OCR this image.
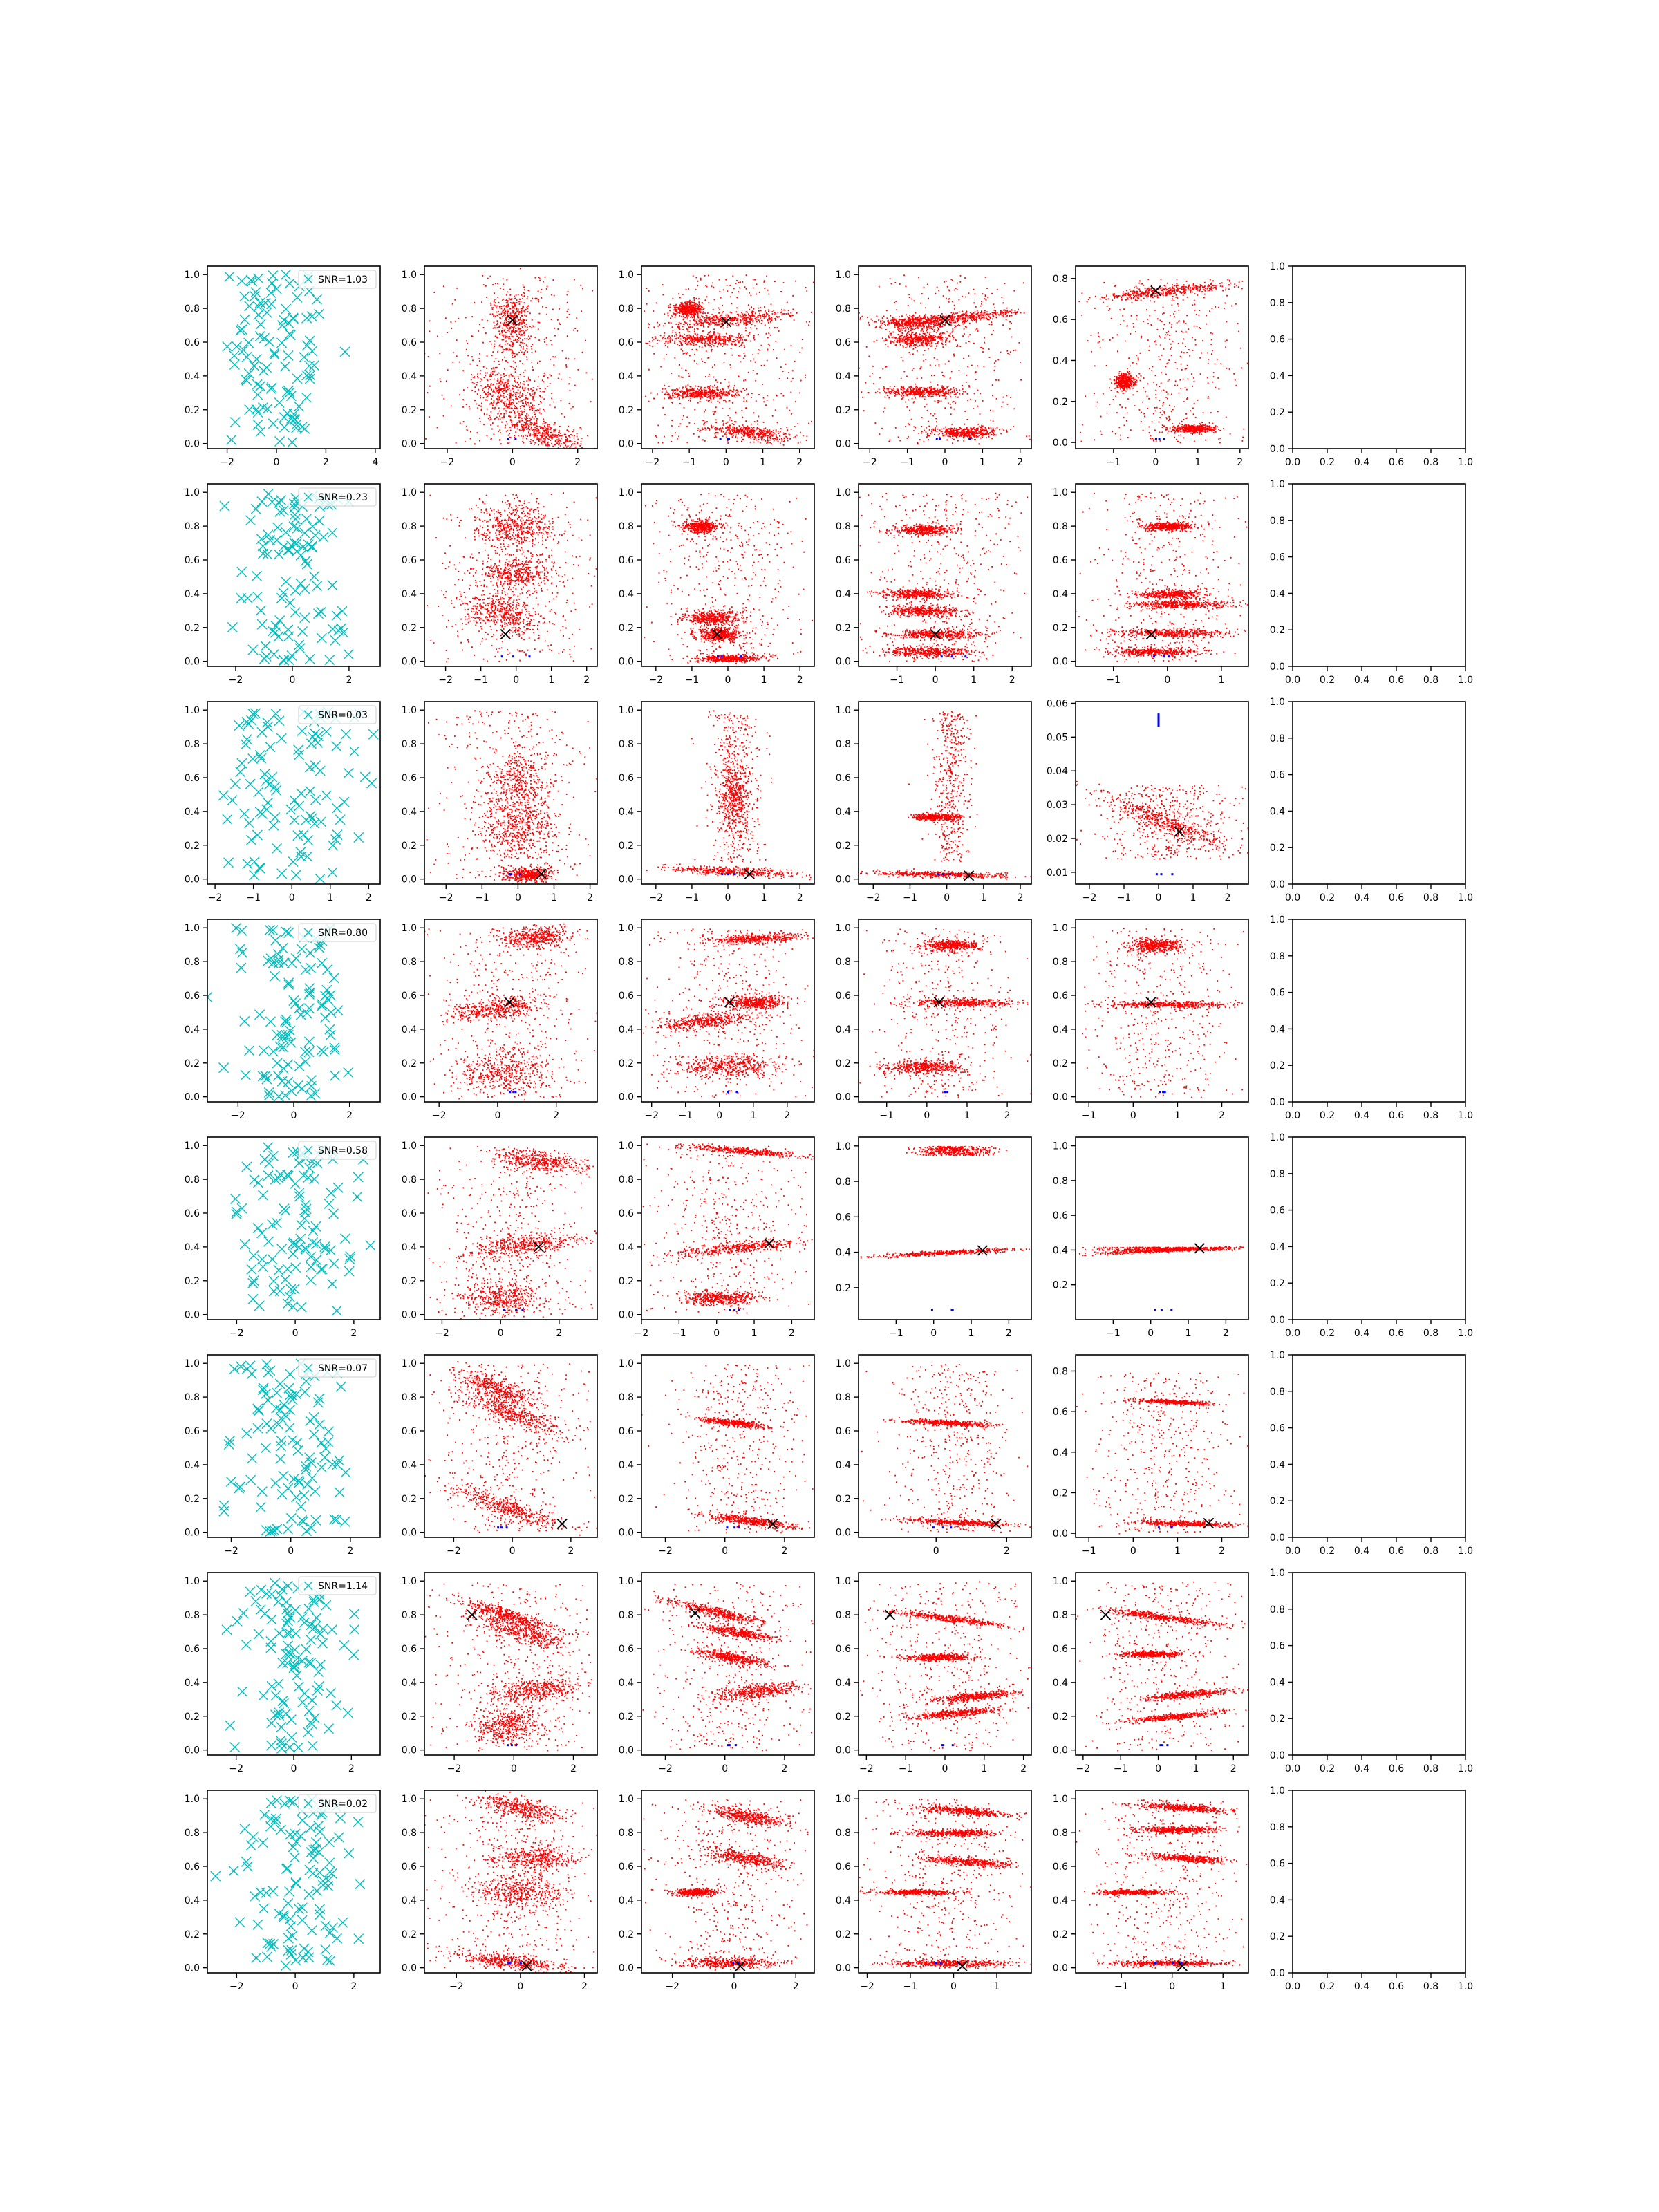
−2	0	2	4
0.0
0.2
0.4
0.6
0.8
1.0	SNR=1.03
−2	0	2
0.0
0.2
0.4
0.6
0.8
1.0
−2 −1	0	1	2
0.0
0.2
0.4
0.6
0.8
1.0
−2 −1	0	1	2
0.0
0.2
0.4
0.6
0.8
1.0
−1	0	1	2
0.0
0.2
0.4
0.6
0.8
0.0 0.2 0.4 0.6 0.8 1.0
0.0
0.2
0.4
0.6
0.8
1.0
−2	0	2
0.0
0.2
0.4
0.6
0.8
1.0	SNR=0.23
−2 −1	0	1	2
0.0
0.2
0.4
0.6
0.8
1.0
−2 −1	0	1	2
0.0
0.2
0.4
0.6
0.8
1.0
−1	0	1	2
0.0
0.2
0.4
0.6
0.8
1.0
−1	0	1
0.0
0.2
0.4
0.6
0.8
1.0
0.0 0.2 0.4 0.6 0.8 1.0
0.0
0.2
0.4
0.6
0.8
1.0
−2 −1	0	1	2
0.0
0.2
0.4
0.6
0.8
1.0	SNR=0.03
−2 −1	0	1	2
0.0
0.2
0.4
0.6
0.8
1.0
−2 −1	0	1	2
0.0
0.2
0.4
0.6
0.8
1.0
−2 −1	0	1	2
0.0
0.2
0.4
0.6
0.8
1.0
−2 −1	0	1	2
0.01
0.02
0.03
0.04
0.05
0.06
0.0 0.2 0.4 0.6 0.8 1.0
0.0
0.2
0.4
0.6
0.8
1.0
−2	0	2
0.0
0.2
0.4
0.6
0.8
1.0	SNR=0.80
−2	0	2
0.0
0.2
0.4
0.6
0.8
1.0
−2 −1 0	1	2
0.0
0.2
0.4
0.6
0.8
1.0
−1	0	1	2
0.0
0.2
0.4
0.6
0.8
1.0
−1	0	1	2
0.0
0.2
0.4
0.6
0.8
1.0
0.0 0.2 0.4 0.6 0.8 1.0
0.0
0.2
0.4
0.6
0.8
1.0
−2	0	2
0.0
0.2
0.4
0.6
0.8
1.0	SNR=0.58
−2	0	2
0.0
0.2
0.4
0.6
0.8
1.0
−2 −1	0	1	2
0.0
0.2
0.4
0.6
0.8
1.0
−1	0	1	2
0.2
0.4
0.6
0.8
1.0
−1	0	1	2
0.2
0.4
0.6
0.8
1.0
0.0 0.2 0.4 0.6 0.8 1.0
0.0
0.2
0.4
0.6
0.8
1.0
−2	0	2
0.0
0.2
0.4
0.6
0.8
1.0	SNR=0.07
−2	0	2
0.0
0.2
0.4
0.6
0.8
1.0
−2	0	2
0.0
0.2
0.4
0.6
0.8
1.0
0	2
0.0
0.2
0.4
0.6
0.8
1.0
−1	0	1	2
0.0
0.2
0.4
0.6
0.8
0.0 0.2 0.4 0.6 0.8 1.0
0.0
0.2
0.4
0.6
0.8
1.0
−2	0	2
0.0
0.2
0.4
0.6
0.8
1.0	SNR=1.14
−2	0	2
0.0
0.2
0.4
0.6
0.8
1.0
−2	0	2
0.0
0.2
0.4
0.6
0.8
1.0
−2	−1	0	1	2
0.0
0.2
0.4
0.6
0.8
1.0
−2 −1	0	1	2
0.0
0.2
0.4
0.6
0.8
1.0
0.0 0.2 0.4 0.6 0.8 1.0
0.0
0.2
0.4
0.6
0.8
1.0
−2	0	2
0.0
0.2
0.4
0.6
0.8
1.0	SNR=0.02
−2	0	2
0.0
0.2
0.4
0.6
0.8
1.0
−2	0	2
0.0
0.2
0.4
0.6
0.8
1.0
−2	−1	0	1
0.0
0.2
0.4
0.6
0.8
1.0
−1	0	1
0.0
0.2
0.4
0.6
0.8
1.0
0.0 0.2 0.4 0.6 0.8 1.0
0.0
0.2
0.4
0.6
0.8
1.0
